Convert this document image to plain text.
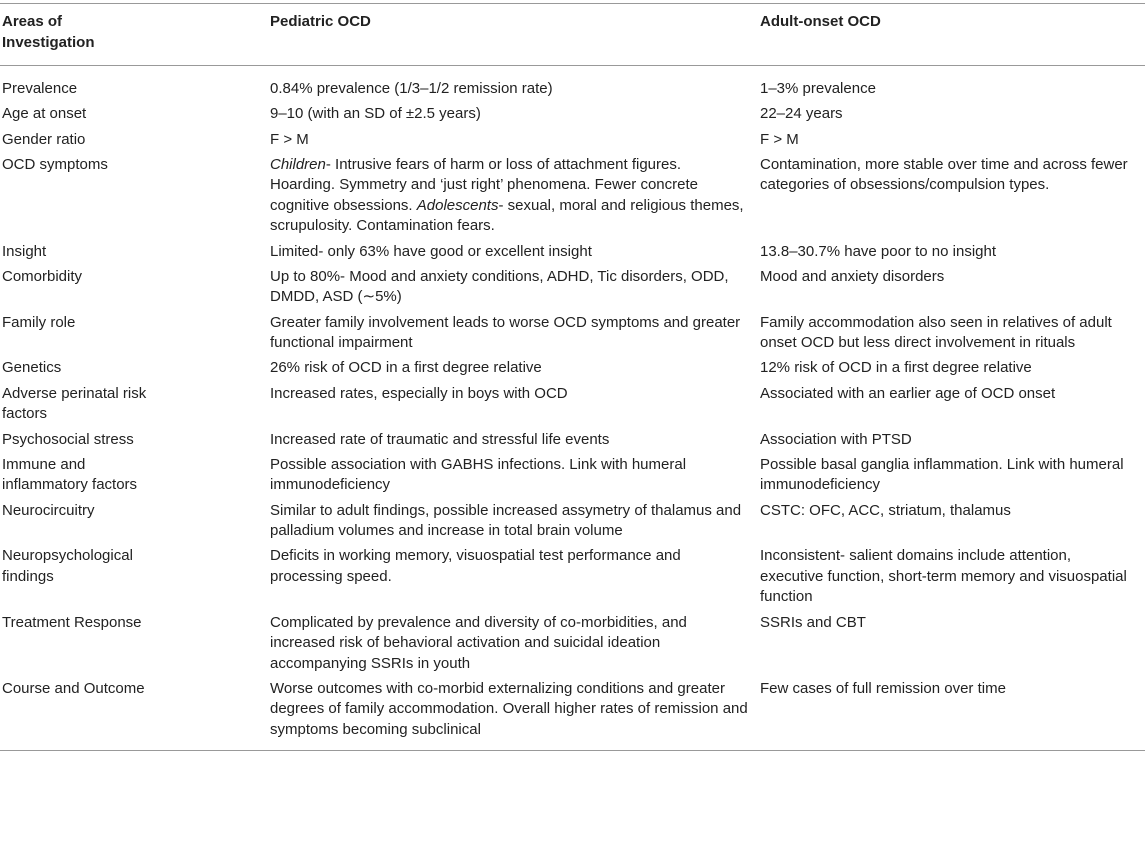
Areas of Investigation	Pediatric OCD	Adult-onset OCD
Prevalence	0.84% prevalence (1/3–1/2 remission rate)	1–3% prevalence
Age at onset	9–10 (with an SD of ±2.5 years)	22–24 years
Gender ratio	F > M	F > M
OCD symptoms	Children- Intrusive fears of harm or loss of attachment figures. Hoarding. Symmetry and ‘just right’ phenomena. Fewer concrete cognitive obsessions. Adolescents- sexual, moral and religious themes, scrupulosity. Contamination fears.	Contamination, more stable over time and across fewer categories of obsessions/compulsion types.
Insight	Limited- only 63% have good or excellent insight	13.8–30.7% have poor to no insight
Comorbidity	Up to 80%- Mood and anxiety conditions, ADHD, Tic disorders, ODD, DMDD, ASD (∼5%)	Mood and anxiety disorders
Family role	Greater family involvement leads to worse OCD symptoms and greater functional impairment	Family accommodation also seen in relatives of adult onset OCD but less direct involvement in rituals
Genetics	26% risk of OCD in a first degree relative	12% risk of OCD in a first degree relative
Adverse perinatal risk factors	Increased rates, especially in boys with OCD	Associated with an earlier age of OCD onset
Psychosocial stress	Increased rate of traumatic and stressful life events	Association with PTSD
Immune and inflammatory factors	Possible association with GABHS infections. Link with humeral immunodeficiency	Possible basal ganglia inflammation. Link with humeral immunodeficiency
Neurocircuitry	Similar to adult findings, possible increased assymetry of thalamus and palladium volumes and increase in total brain volume	CSTC: OFC, ACC, striatum, thalamus
Neuropsychological findings	Deficits in working memory, visuospatial test performance and processing speed.	Inconsistent- salient domains include attention, executive function, short-term memory and visuospatial function
Treatment Response	Complicated by prevalence and diversity of co-morbidities, and increased risk of behavioral activation and suicidal ideation accompanying SSRIs in youth	SSRIs and CBT
Course and Outcome	Worse outcomes with co-morbid externalizing conditions and greater degrees of family accommodation. Overall higher rates of remission and symptoms becoming subclinical	Few cases of full remission over time
